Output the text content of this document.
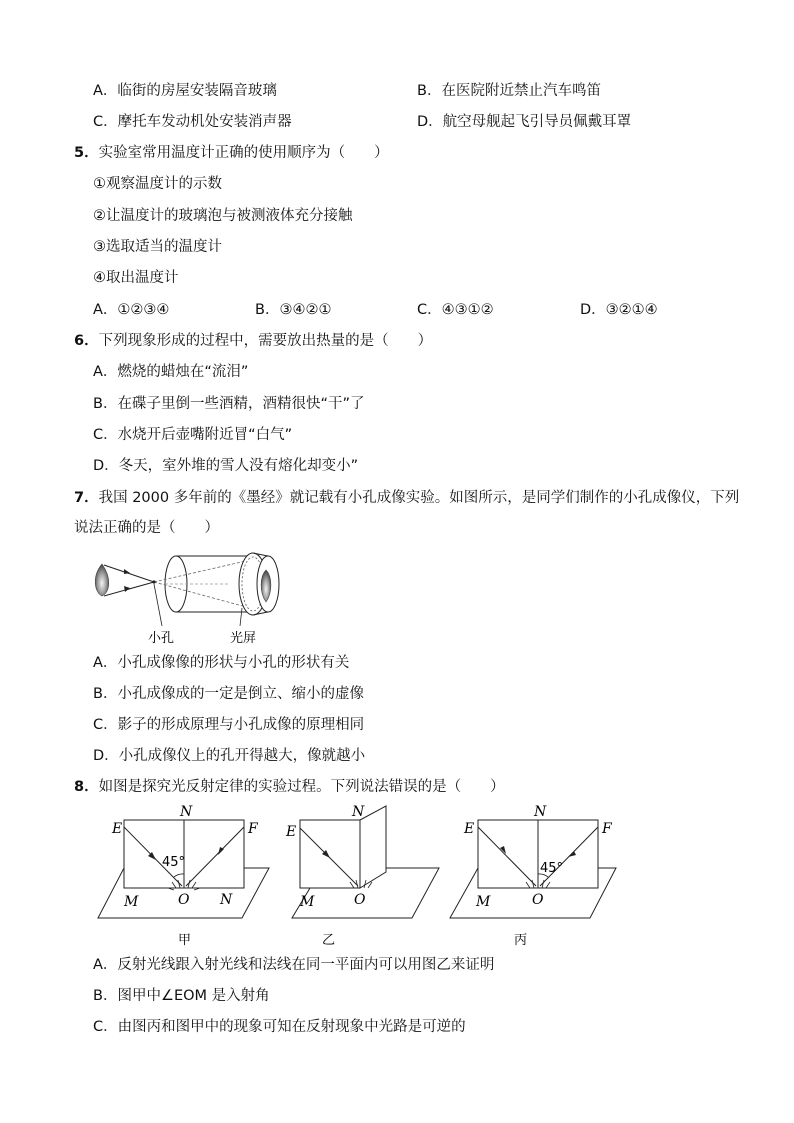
A．临街的房屋安装隔音玻璃	B．在医院附近禁止汽车鸣笛
C．摩托车发动机处安装消声器	D．航空母舰起飞引导员佩戴耳罩
5．实验室常用温度计正确的使用顺序为（　　）
①观察温度计的示数
②让温度计的玻璃泡与被测液体充分接触
③选取适当的温度计
④取出温度计
A．①②③④	B．③④②①	C．④③①②	D．③②①④
6．下列现象形成的过程中，需要放出热量的是（　　）
A．燃烧的蜡烛在“流泪”
B．在碟子里倒一些酒精，酒精很快“干”了
C．水烧开后壶嘴附近冒“白气”
D．冬天，室外堆的雪人没有熔化却变小”
7．我国 2000 多年前的《墨经》就记载有小孔成像实验。如图所示，是同学们制作的小孔成像仪，下列
说法正确的是（　　）
小孔	光屏
A．小孔成像像的形状与小孔的形状有关
B．小孔成像成的一定是倒立、缩小的虚像
C．影子的形成原理与小孔成像的原理相同
D．小孔成像仪上的孔开得越大，像就越小
8．如图是探究光反射定律的实验过程。下列说法错误的是（　　）
E
N
F
45°
M	O N
甲
E
N
M	O
乙
E
N
F
45°
M	O
丙
A．反射光线跟入射光线和法线在同一平面内可以用图乙来证明
B．图甲中∠EOM 是入射角
C．由图丙和图甲中的现象可知在反射现象中光路是可逆的
